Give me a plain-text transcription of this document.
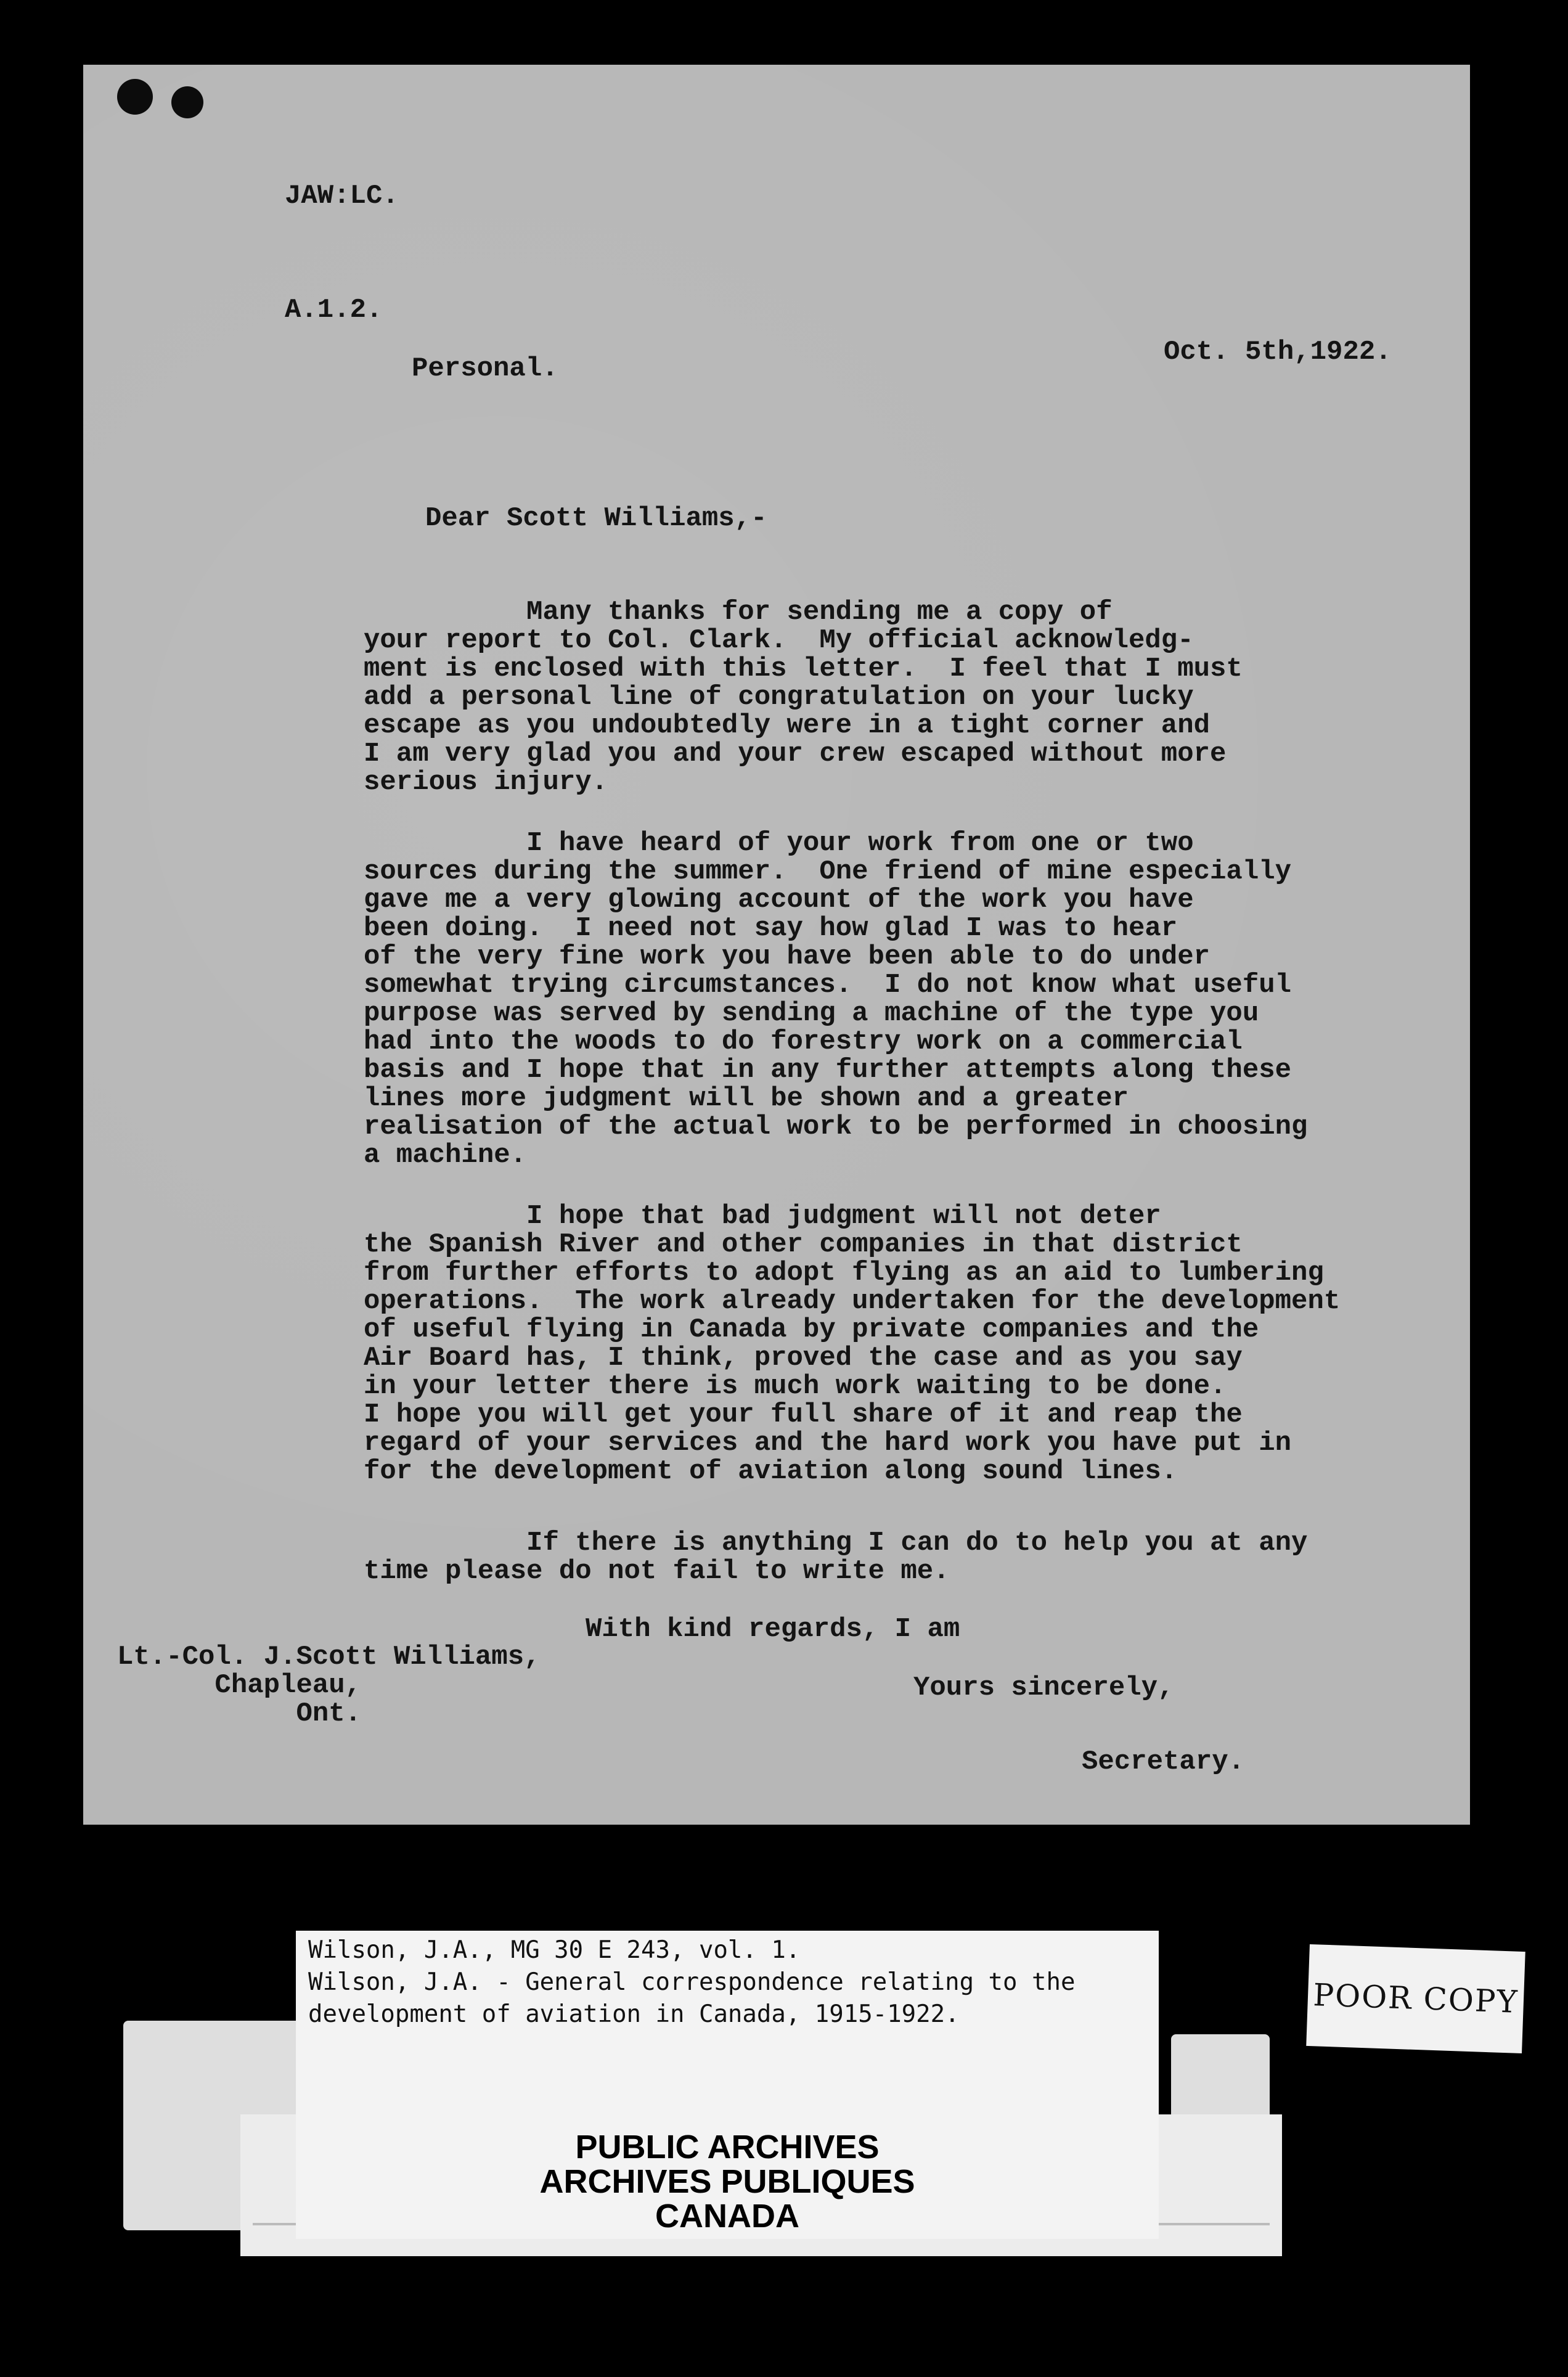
JAW:LC.
A.1.2.
Oct. 5th,1922.
Personal.
Dear Scott Williams,-
Many thanks for sending me a copy of
your report to Col. Clark.  My official acknowledg-
ment is enclosed with this letter.  I feel that I must
add a personal line of congratulation on your lucky
escape as you undoubtedly were in a tight corner and
I am very glad you and your crew escaped without more
serious injury.
I have heard of your work from one or two
sources during the summer.  One friend of mine especially
gave me a very glowing account of the work you have
been doing.  I need not say how glad I was to hear
of the very fine work you have been able to do under
somewhat trying circumstances.  I do not know what useful
purpose was served by sending a machine of the type you
had into the woods to do forestry work on a commercial
basis and I hope that in any further attempts along these
lines more judgment will be shown and a greater
realisation of the actual work to be performed in choosing
a machine.
I hope that bad judgment will not deter
the Spanish River and other companies in that district
from further efforts to adopt flying as an aid to lumbering
operations.  The work already undertaken for the development
of useful flying in Canada by private companies and the
Air Board has, I think, proved the case and as you say
in your letter there is much work waiting to be done.
I hope you will get your full share of it and reap the
regard of your services and the hard work you have put in
for the development of aviation along sound lines.
If there is anything I can do to help you at any
time please do not fail to write me.
With kind regards, I am
Lt.-Col. J.Scott Williams,
Chapleau,
Ont.
Yours sincerely,
Secretary.
Wilson, J.A., MG 30 E 243, vol. 1.
Wilson, J.A. - General correspondence relating to the
development of aviation in Canada, 1915-1922.
PUBLIC ARCHIVES
ARCHIVES PUBLIQUES
CANADA
POOR COPY
